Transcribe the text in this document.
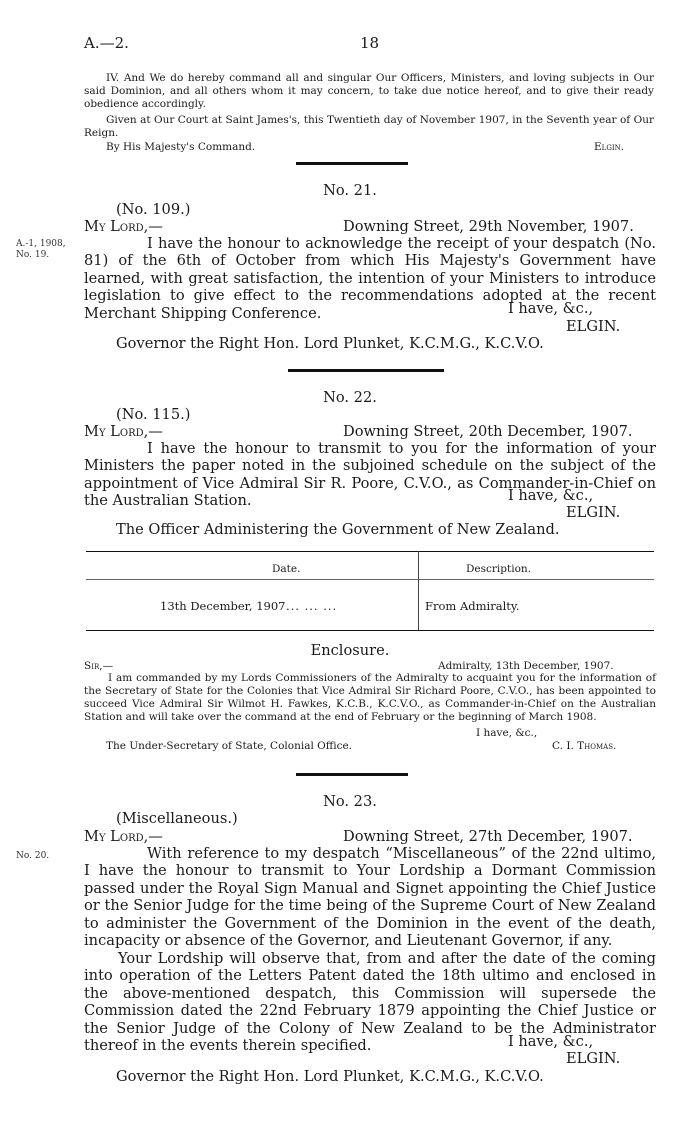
A.—2.	18
IV. And We do hereby command all and singular Our Officers, Ministers, and loving subjects in Our said Dominion, and all others whom it may concern, to take due notice hereof, and to give their ready obedience accordingly.
Given at Our Court at Saint James's, this Twentieth day of November 1907, in the Seventh year of Our Reign.
By His Majesty's Command.	Elgin.
No. 21.
(No. 109.)
My Lord,—	Downing Street, 29th November, 1907.
A.-1, 1908,
No. 19.
I have the honour to acknowledge the receipt of your despatch (No. 81) of the 6th of October from which His Majesty's Government have learned, with great satisfaction, the intention of your Ministers to introduce legislation to give effect to the recommendations adopted at the recent Merchant Shipping Conference.	I have, &c.,
ELGIN.
Governor the Right Hon. Lord Plunket, K.C.M.G., K.C.V.O.
No. 22.
(No. 115.)
My Lord,—	Downing Street, 20th December, 1907.
I have the honour to transmit to you for the information of your Ministers the paper noted in the subjoined schedule on the subject of the appointment of Vice Admiral Sir R. Poore, C.V.O., as Commander-in-Chief on the Australian Station.	I have, &c.,
ELGIN.
The Officer Administering the Government of New Zealand.
Date.	Description.
13th December, 1907 ... ... ...	From Admiralty.
Enclosure.
Sir,—	Admiralty, 13th December, 1907.
I am commanded by my Lords Commissioners of the Admiralty to acquaint you for the information of the Secretary of State for the Colonies that Vice Admiral Sir Richard Poore, C.V.O., has been appointed to succeed Vice Admiral Sir Wilmot H. Fawkes, K.C.B., K.C.V.O., as Commander-in-Chief on the Australian Station and will take over the command at the end of February or the beginning of March 1908.
I have, &c.,
The Under-Secretary of State, Colonial Office.	C. I. Thomas.
No. 23.
(Miscellaneous.)
My Lord,—	Downing Street, 27th December, 1907.
No. 20.	With reference to my despatch “Miscellaneous” of the 22nd ultimo, I have the honour to transmit to Your Lordship a Dormant Commission passed under the Royal Sign Manual and Signet appointing the Chief Justice or the Senior Judge for the time being of the Supreme Court of New Zealand to administer the Government of the Dominion in the event of the death, incapacity or absence of the Governor, and Lieutenant Governor, if any.
Your Lordship will observe that, from and after the date of the coming into operation of the Letters Patent dated the 18th ultimo and enclosed in the above-mentioned despatch, this Commission will supersede the Commission dated the 22nd February 1879 appointing the Chief Justice or the Senior Judge of the Colony of New Zealand to be the Administrator thereof in the events therein specified.	I have, &c.,
ELGIN.
Governor the Right Hon. Lord Plunket, K.C.M.G., K.C.V.O.
